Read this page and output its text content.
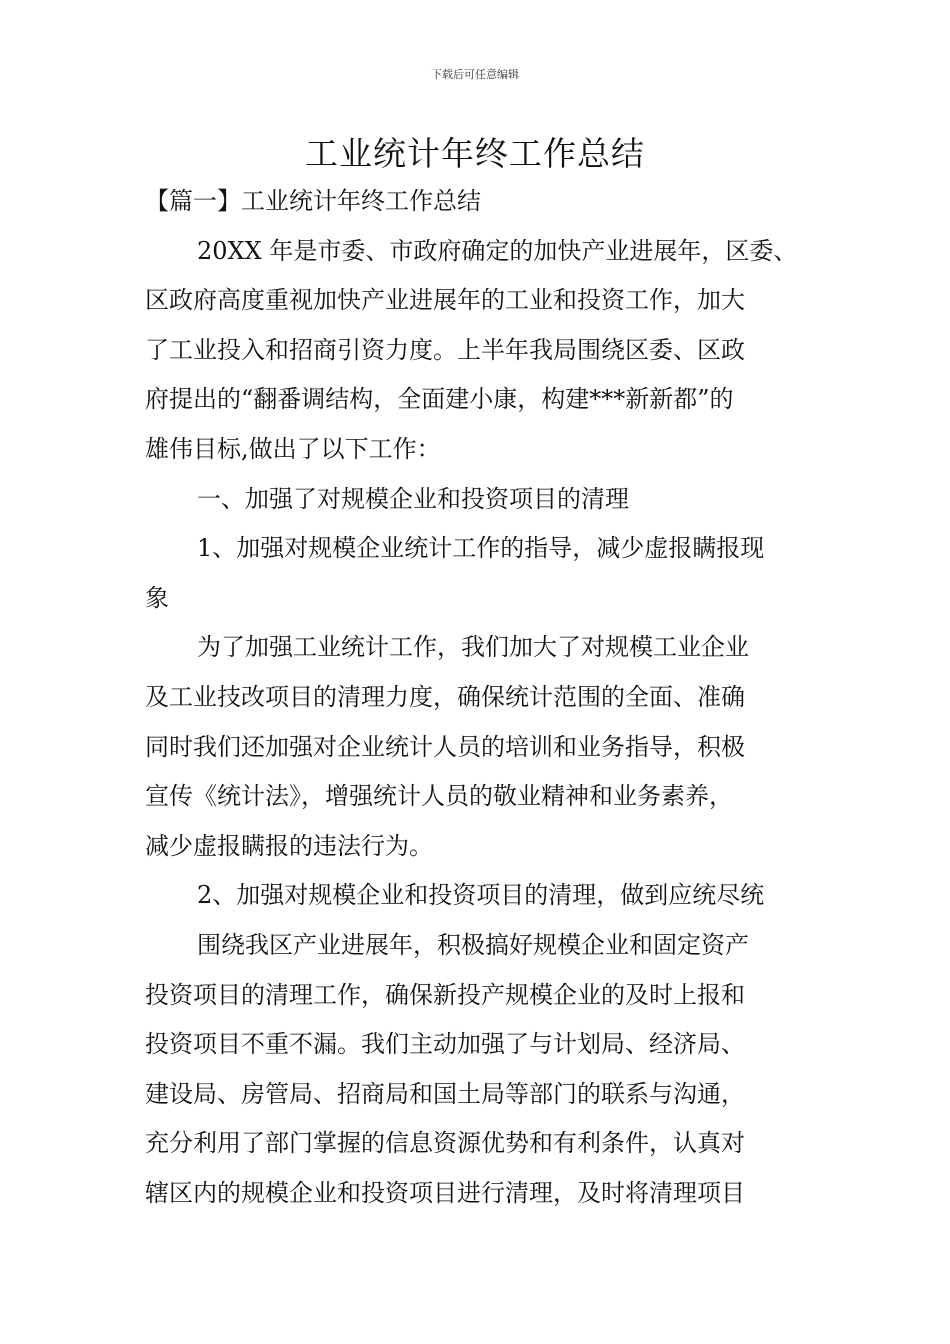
下载后可任意编辑
工业统计年终工作总结
【篇一】工业统计年终工作总结
20XX 年是市委、市政府确定的加快产业进展年，区委、
区政府高度重视加快产业进展年的工业和投资工作，加大
了工业投入和招商引资力度。上半年我局围绕区委、区政
府提出的“翻番调结构，全面建小康，构建***新新都”的
雄伟目标,做出了以下工作：
一、加强了对规模企业和投资项目的清理
1、加强对规模企业统计工作的指导，减少虚报瞒报现
象
为了加强工业统计工作，我们加大了对规模工业企业
及工业技改项目的清理力度，确保统计范围的全面、准确
同时我们还加强对企业统计人员的培训和业务指导，积极
宣传《统计法》，增强统计人员的敬业精神和业务素养，
减少虚报瞒报的违法行为。
2、加强对规模企业和投资项目的清理，做到应统尽统
围绕我区产业进展年，积极搞好规模企业和固定资产
投资项目的清理工作，确保新投产规模企业的及时上报和
投资项目不重不漏。我们主动加强了与计划局、经济局、
建设局、房管局、招商局和国土局等部门的联系与沟通，
充分利用了部门掌握的信息资源优势和有利条件，认真对
辖区内的规模企业和投资项目进行清理，及时将清理项目
